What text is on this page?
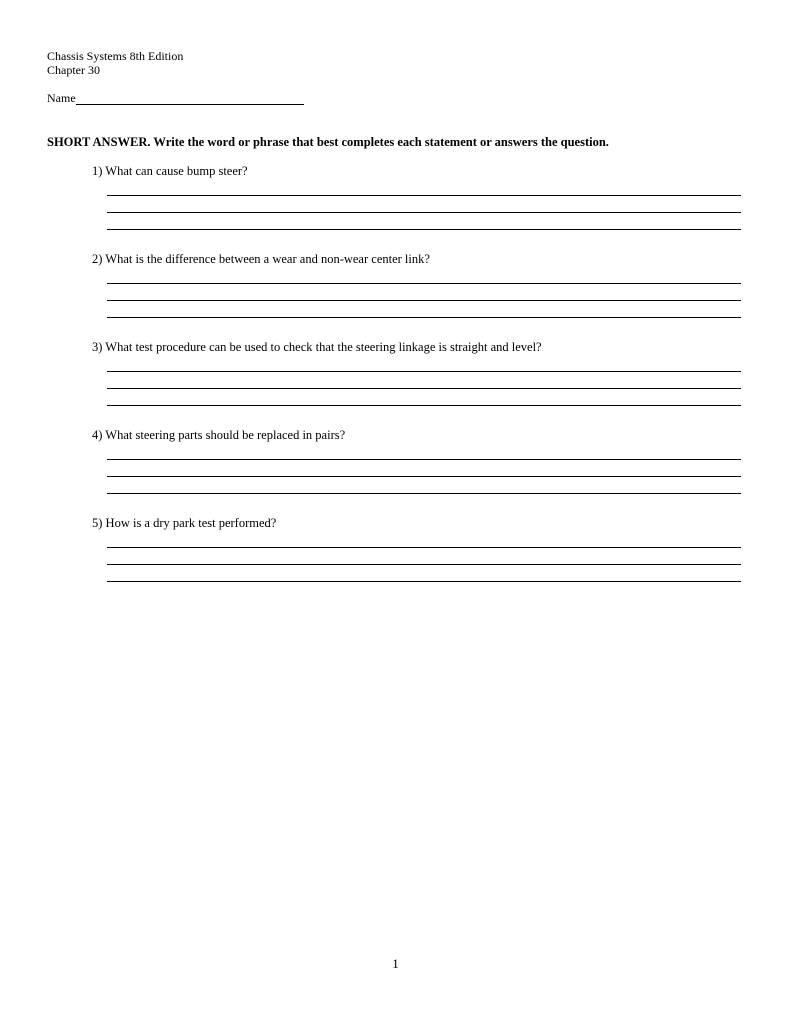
Chassis Systems 8th Edition
Chapter 30
Name
SHORT ANSWER. Write the word or phrase that best completes each statement or answers the question.
1) What can cause bump steer?
2) What is the difference between a wear and non-wear center link?
3) What test procedure can be used to check that the steering linkage is straight and level?
4) What steering parts should be replaced in pairs?
5) How is a dry park test performed?
1
